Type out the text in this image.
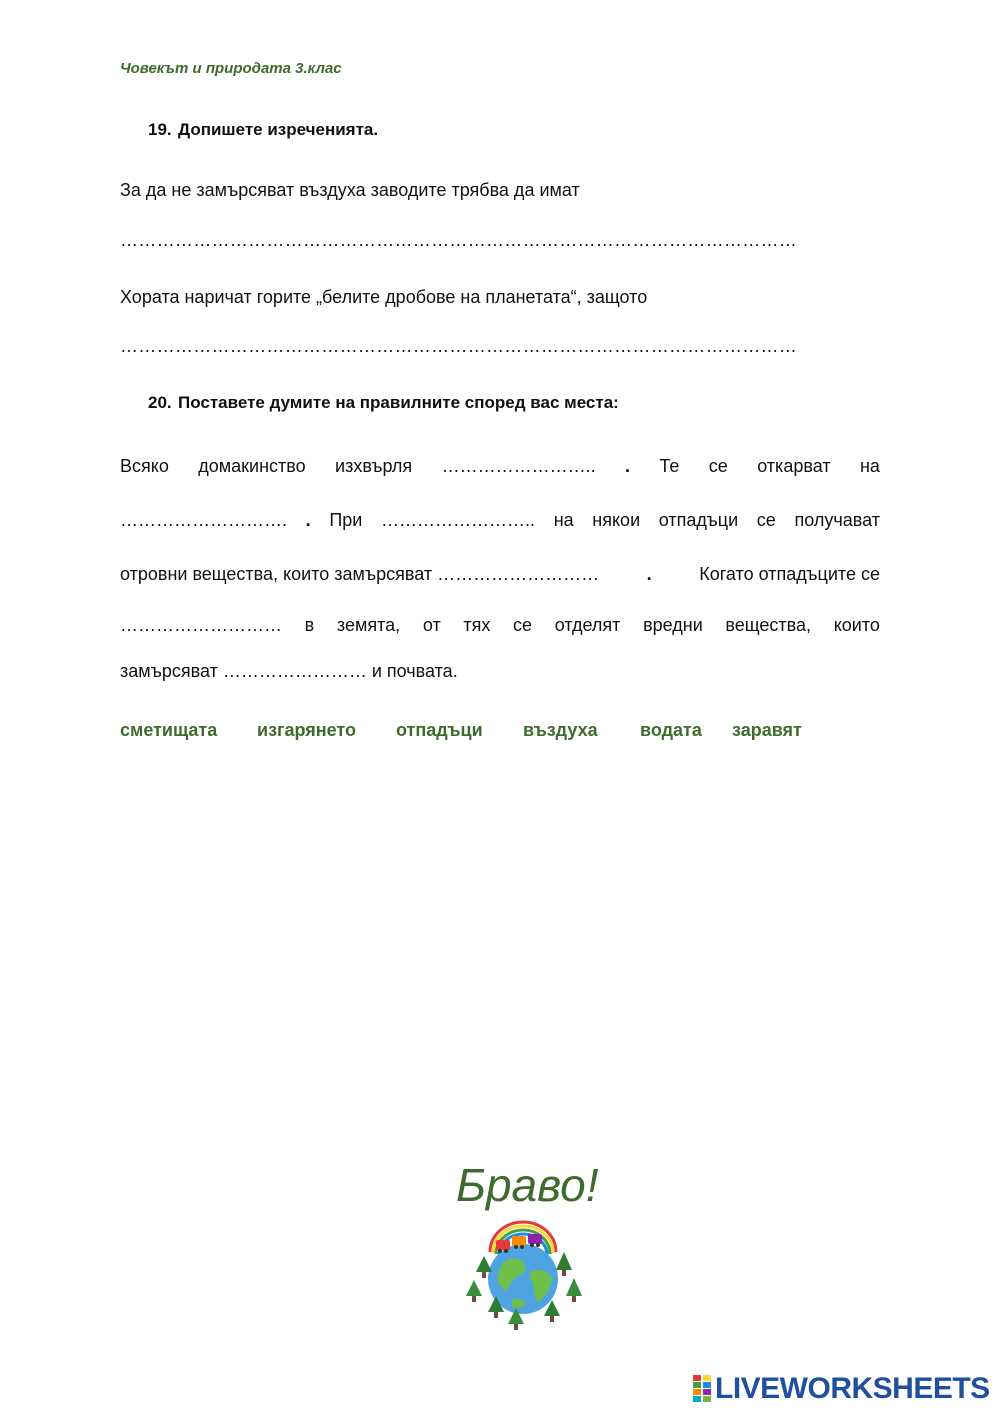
Човекът и природата 3.клас
19. Допишете изреченията.
За да не замърсяват въздуха заводите трябва да имат
…………………………………………………………………………………………………
Хората наричат горите „белите дробове на планетата“, защото
…………………………………………………………………………………………………
20. Поставете думите на правилните според вас места:
Всяко домакинство изхвърля …………………….. . Те се откарват на
………………………. . При …………………….. на някои отпадъци се получават
отровни вещества, които замърсяват ………………………	.	Когато отпадъците се
……………………… в земята, от тях се отделят вредни вещества, които
замърсяват …………………… и почвата.
сметищата	изгарянето	отпадъци	въздуха	водата	заравят
Браво!
LIVEWORKSHEETS
